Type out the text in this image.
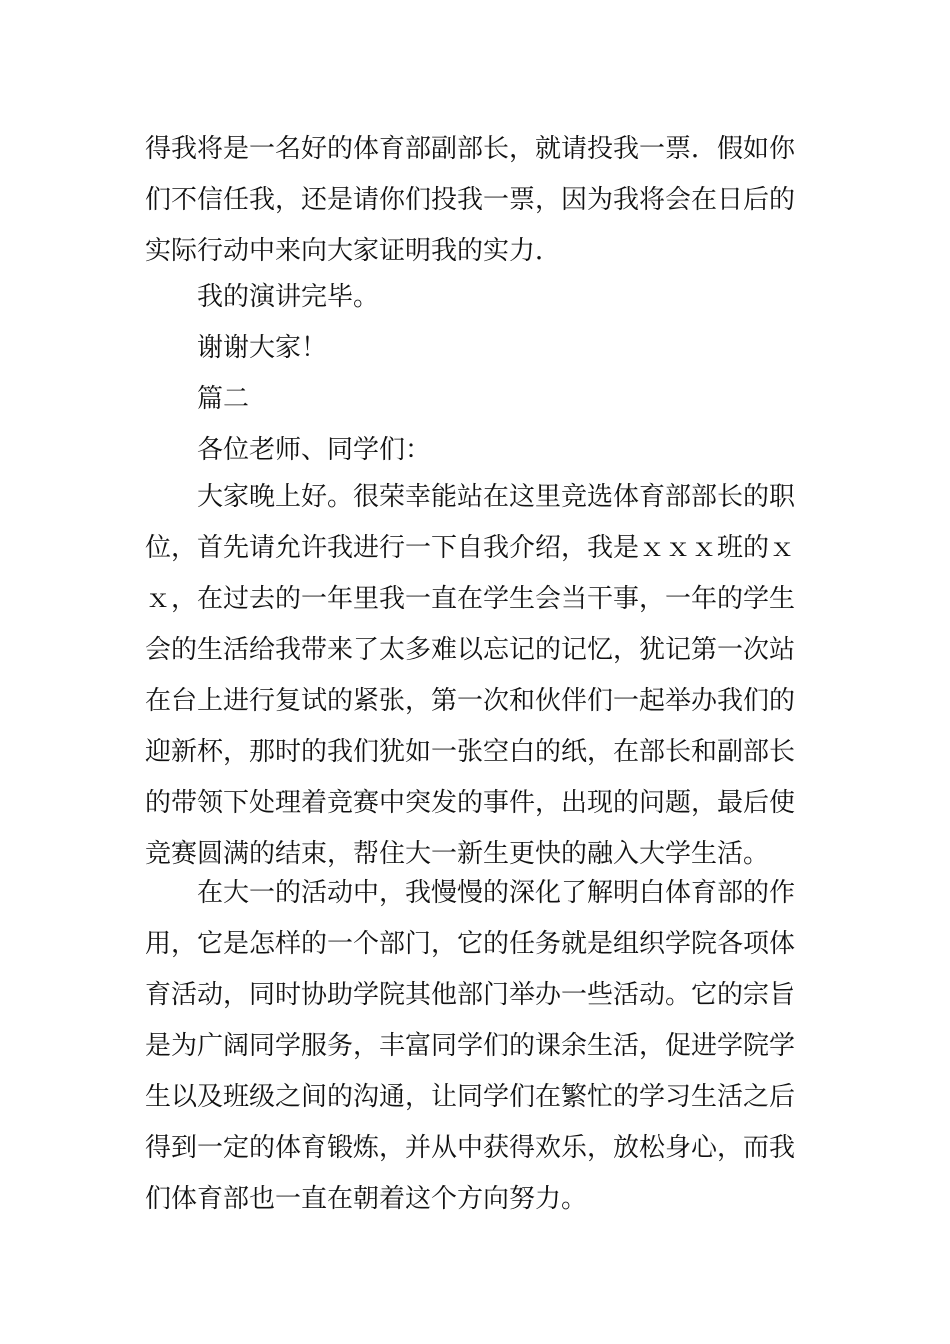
得我将是一名好的体育部副部长，就请投我一票．假如你
们不信任我，还是请你们投我一票，因为我将会在日后的
实际行动中来向大家证明我的实力．
我的演讲完毕。
谢谢大家！
篇二
各位老师、同学们：
大家晚上好。很荣幸能站在这里竞选体育部部长的职
位，首先请允许我进行一下自我介绍，我是ｘｘｘ班的ｘ
ｘ，在过去的一年里我一直在学生会当干事，一年的学生
会的生活给我带来了太多难以忘记的记忆，犹记第一次站
在台上进行复试的紧张，第一次和伙伴们一起举办我们的
迎新杯，那时的我们犹如一张空白的纸，在部长和副部长
的带领下处理着竞赛中突发的事件，出现的问题，最后使
竞赛圆满的结束，帮住大一新生更快的融入大学生活。
在大一的活动中，我慢慢的深化了解明白体育部的作
用，它是怎样的一个部门，它的任务就是组织学院各项体
育活动，同时协助学院其他部门举办一些活动。它的宗旨
是为广阔同学服务，丰富同学们的课余生活，促进学院学
生以及班级之间的沟通，让同学们在繁忙的学习生活之后
得到一定的体育锻炼，并从中获得欢乐，放松身心，而我
们体育部也一直在朝着这个方向努力。
